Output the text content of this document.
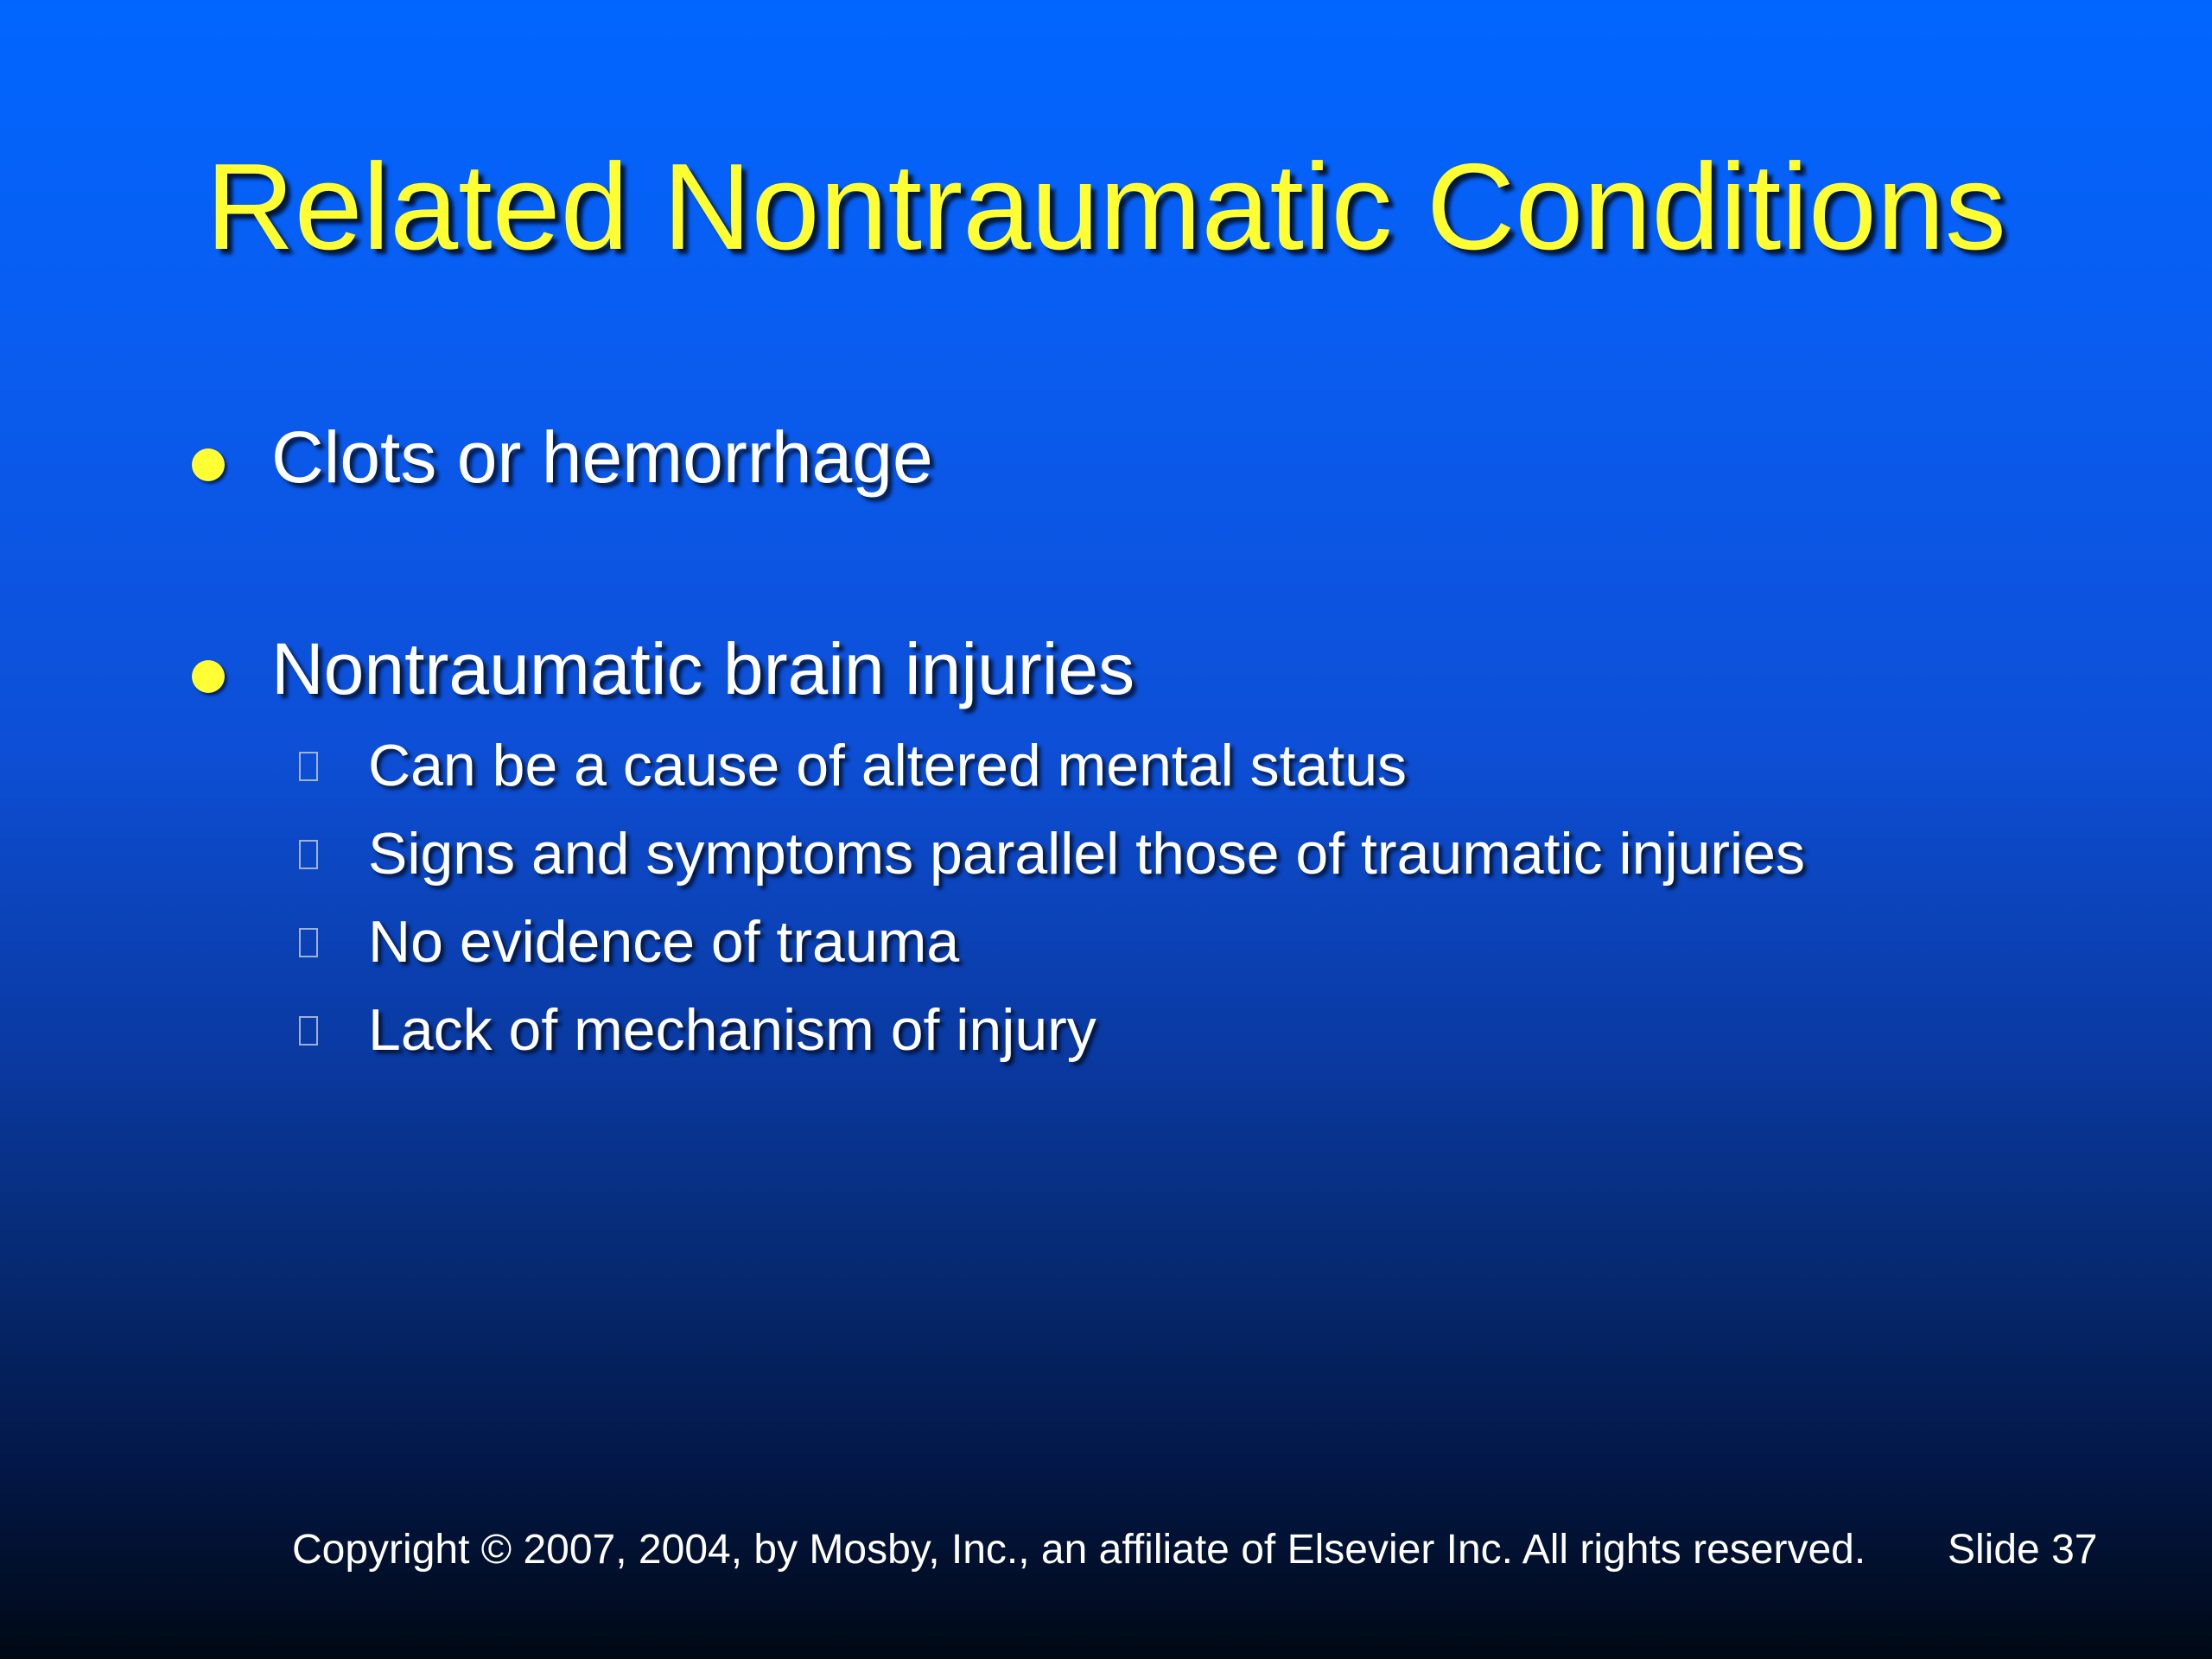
Related Nontraumatic Conditions
Clots or hemorrhage
Nontraumatic brain injuries
Can be a cause of altered mental status
Signs and symptoms parallel those of traumatic injuries
No evidence of trauma
Lack of mechanism of injury
Copyright © 2007, 2004, by Mosby, Inc., an affiliate of Elsevier Inc. All rights reserved. Slide 37
